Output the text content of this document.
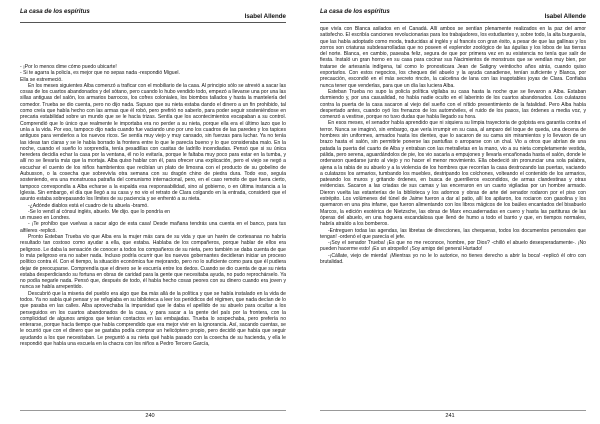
La casa de los espíritus
Isabel Allende

- ¡Por lo menos dime cómo puedo ubicarte!

- Si te agarra la policía, es mejor que no sepas nada -respondió Miguel.

Ella se estremeció.

En los meses siguientes Alba comenzó a traficar con el mobiliario de la casa. Al principio sólo se atrevió a sacar las cosas de los cuartos abandonados y del sótano, pero cuando lo hubo vendido todo, empezó a llevarse una por una las sillas antiguas del salón, los armarios barrocos, los cofres coloniales, los biombos tallados y hasta la mantelería del comedor. Trueba se dio cuenta, pero no dijo nada. Supuso que su nieta estaba dando el dinero a un fin prohibido, tal como creía que había hecho con las armas que él robó, pero prefirió no saberlo, para poder seguir sosteniéndose en precaria estabilidad sobre un mundo que se le hacía trizas. Sentía que los acontecimientos escapaban a su control. Comprendió que lo único que realmente le importaba era no perder a su nieta, porque ella era el último lazo que lo unía a la vida. Por eso, tampoco dijo nada cuando fue vaciando uno por uno los cuadros de las paredes y los tapices antiguos para venderlos a los nuevos ricos. Se sentía muy viejo y muy cansado, sin fuerzas para luchar. Ya no tenía las ideas tan claras y se le había borrado la frontera entre lo que le parecía bueno y lo que consideraba malo. En la noche, cuando el sueño lo sorprendía, tenía pesadillas con casitas de ladrillo incendiadas. Pensó que si su única heredera decidía echar la casa por la ventana, él no lo evitaría, porque le faltaba muy poco para estar en la tumba, y allí no se llevaría más que la mortaja. Alba quiso hablar con él, para ofrecer una explicación, pero el viejo se negó a escuchar el cuento de los niños hambrientos que recibían un plato de limosna con el producto de su gobelino de Aubusson, o la cosecha que sobrevivía otra semana con su dragón chino de piedra dura. Todo eso, seguía sosteniendo, era una monstruosa patraña del comunismo internacional, pero, en el caso remoto de que fuera cierto, tampoco correspondía a Alba echarse a la espalda esa responsabilidad, sino al gobierno, o en última instancia a la Iglesia. Sin embargo, el día que llegó a su casa y no vio el retrato de Clara colgando en la entrada, consideró que el asunto estaba sobrepasando los límites de su paciencia y se enfrentó a su nieta.

-¿Adónde diablos está el cuadro de tu abuela -bramó.

-Se lo vendí al cónsul inglés, abuelo. Me dijo. que lo pondría en

un museo en Londres.

- ¡Te prohíbo que vuelvas a sacar algo de esta casa! Desde mañana tendrás una cuenta en el banco, para tus alfileres -replicó.

Pronto Esteban Trueba vio que Alba era la mujer más cara de su vida y que un harén de cortesanas no habría resultado tan costoso como ayudar a ella, que estaba. Hablaba de los compañeros, porque hablar de ellos era peligroso. Le daba la sensación de conocer a todos los compañeros de su nieta, pero también se daba cuenta de que lo más peligroso era no saber nada. Incluso podría ocurrir que los nuevos gobernantes decidieran iniciar un proceso político contra él. Con el tiempo, la situación económica fue mejorando, pero no lo suficiente como para que él pudiera dejar de preocuparse. Comprendía que el dinero se le escurría entre los dedos. Cuando se dio cuenta de que su nieta estaba desperdiciando su fortuna en obras de caridad para la gente que necesitaba ayuda, no pudo reprochárselo. Ya no podía negarle nada. Pensó que, después de todo, él había hecho cosas peores con su dinero cuando era joven y nunca se había arrepentido.

Descubrió que la miseria del pueblo era algo que iba más allá de la política y que se había instalado en la vida de todos. Ya no sabía qué pensar y se refugiaba en su biblioteca a leer los periódicos del régimen, que nada decían de lo que pasaba en las calles. Alba aprovechaba la impunidad que le daba el apellido de su abuelo para ocultar a los perseguidos en los cuartos abandonados de la casa, y para sacar a la gente del país por la frontera, con la complicidad de algunos amigos que tenían contactos en las embajadas. Trueba lo sospechaba, pero prefería no enterarse, porque hacía tiempo que había comprendido que era mejor vivir en la ignorancia. Así, sacando cuentas, se le ocurrió que con el dinero que se gastaba podía comprar un helicóptero propio, pero decidió que había que seguir ayudando a los que necesitaban. Le preguntó a su nieta qué había pasado con la cosecha de su hacienda, y ella le respondió que había una escuela en la chacra con los niños a Pedro Tercero García,

240
La casa de los espíritus
Isabel Allende

que vivía con Blanca asilados en el Canadá. Allí ambos se sentían plenamente realizados en la paz del amor satisfecho. El escribía canciones revolucionarias para los trabajadores, los estudiantes y, sobre todo, la alta burguesía, que las había adoptado como moda, traducidas al inglés y al francés con gran éxito, a pesar de que las gallinas y los zorros son criaturas subdesarrolladas que no poseen el esplendor zoológico de las águilas y los lobos de las tierras del norte. Blanca, en cambio, paseaba feliz, segura de que por primera vez en su existencia no tenía que salir de fiesta. Instaló un gran horno en su casa para cocinar sus Nacimientos de monstruos que se vendían muy bien, por tratarse de artesanía indígena, tal como lo pronosticara Jean de Satigny veintiocho años atrás, cuando quiso exportarlos. Con estos negocios, los cheques del abuelo y la ayuda canadiense, tenían suficiente y Blanca, por precaución, escondió en el más secreto rincón, la calcetina de lana con las inagotables joyas de Clara. Confiaba nunca tener que venderlas, para que un día las luciera Alba.

Esteban Trueba no supo la policía política vigilaba su casa hasta la noche que se llevaron a Alba. Estaban durmiendo y, por una casualidad, no había nadie oculto en el laberinto de los cuartos abandonados. Los culatazos contra la puerta de la casa sacaron al viejo del sueño con el nítido presentimiento de la fatalidad. Pero Alba había despertado antes, cuando oyó los frenazos de los automóviles, el ruido de los pasos, las órdenes a media voz, y comenzó a vestirse, porque no tuvo dudas que había llegado su hora.

En esos meses, el senador había aprendido que ni siquiera su limpia trayectoria de golpista era garantía contra el terror. Nunca se imaginó, sin embargo, que vería irrumpir en su casa, al amparo del toque de queda, una decena de hombres sin uniformes, armados hasta los dientes, que lo sacaron de su cama sin miramientos y lo llevaron de un brazo hasta el salón, sin permitirle ponerse las pantuflas o arroparse con un chal. Vio a otros que abrían de una patada la puerta del cuarto de Alba y entraban con las metralletas en la mano, vio a su nieta completamente vestida, pálida, pero serena, aguardándolos de pie, los vio sacarla a empujones y llevarla encañonada hasta el salón, donde le ordenaron quedarse junto al viejo y no hacer el menor movimiento. Ella obedeció sin pronunciar una sola palabra, ajena a la rabia de su abuelo y a la violencia de los hombres que recorrían la casa destrozando las puertas, vaciando a culatazos los armarios, tumbando los muebles, destripando los colchones, volteando el contenido de los armarios, pateando los muros y gritando órdenes, en busca de guerrilleros escondidos, de armas clandestinas y otras evidencias. Sacaron a las criadas de sus camas y las encerraron en un cuarto vigiladas por un hombre armado. Dieron vuelta las estanterías de la biblioteca y los adornos y obras de arte del senador rodaron por el piso con estrépito. Los volúmenes del túnel de Jaime fueron a dar al patio, allí los apilaron, los rociaron con gasolina y los quemaron en una pira infame, que fueron alimentando con los libros mágicos de los baúles encantados del bisabuelo Marcos, la edición esotérica de Nietzsche, las obras de Marx encuadernadas en cuero y hasta las partituras de las óperas del abuelo, en una hoguera escandalosa que llenó de humo a todo el barrio y que, en tiempos normales, habría atraído a los bomberos.

-Entreguen todas las agendas, las libretas de direcciones, las chequeras, todos los documentos personales que tengan! -ordenó el que parecía el jefe.

-¡Soy el senador Trueba! ¡Es que no me reconoce, hombre, por Dios? -chilló el abuelo desesperadamente-. ¡No pueden hacerme esto! ¡Es un atropello! ¡Soy amigo del general Hurtado!

-¡Cállate, viejo de mierda! ¡Mientras yo no le lo autorice, no tienes derecho a abrir la boca! -replicó él otro con brutalidad.

241
